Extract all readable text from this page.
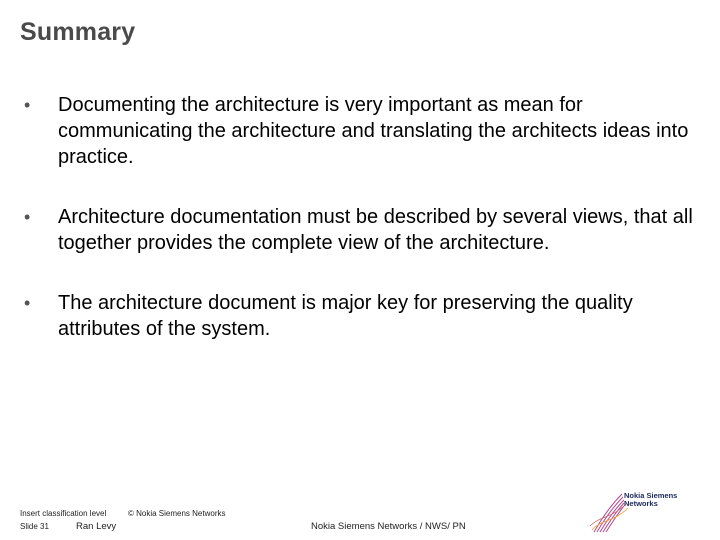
Summary
•	Documenting the architecture is very important as mean for communicating the architecture and translating the architects ideas into practice.
•	Architecture documentation must be described by several views, that all together provides the complete view of the architecture.
•	The architecture document is major key for preserving the quality attributes of the system.
Insert classification level	© Nokia Siemens Networks
Slide 31	Ran Levy	Nokia Siemens Networks / NWS/ PN
Nokia Siemens
Networks
